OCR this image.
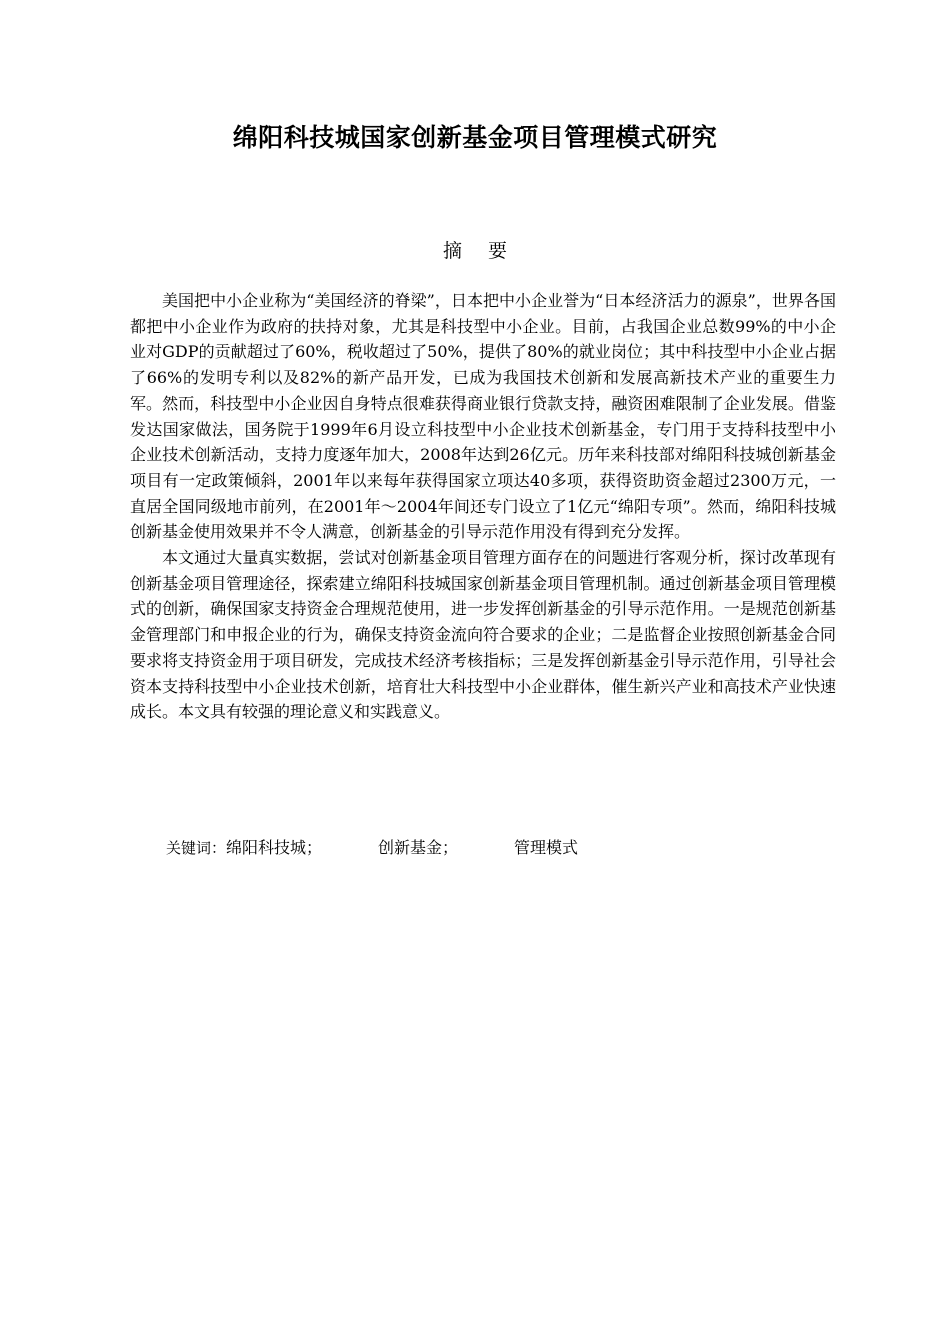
绵阳科技城国家创新基金项目管理模式研究
摘 要

美国把中小企业称为“美国经济的脊梁”，日本把中小企业誉为“日本经济活力的源泉”，世界各国都把中小企业作为政府的扶持对象，尤其是科技型中小企业。目前，占我国企业总数99%的中小企业对GDP的贡献超过了60%，税收超过了50%，提供了80%的就业岗位；其中科技型中小企业占据了66%的发明专利以及82%的新产品开发，已成为我国技术创新和发展高新技术产业的重要生力军。然而，科技型中小企业因自身特点很难获得商业银行贷款支持，融资困难限制了企业发展。借鉴发达国家做法，国务院于1999年6月设立科技型中小企业技术创新基金，专门用于支持科技型中小企业技术创新活动，支持力度逐年加大，2008年达到26亿元。历年来科技部对绵阳科技城创新基金项目有一定政策倾斜，2001年以来每年获得国家立项达40多项，获得资助资金超过2300万元，一直居全国同级地市前列，在2001年～2004年间还专门设立了1亿元“绵阳专项”。然而，绵阳科技城创新基金使用效果并不令人满意，创新基金的引导示范作用没有得到充分发挥。

本文通过大量真实数据，尝试对创新基金项目管理方面存在的问题进行客观分析，探讨改革现有创新基金项目管理途径，探索建立绵阳科技城国家创新基金项目管理机制。通过创新基金项目管理模式的创新，确保国家支持资金合理规范使用，进一步发挥创新基金的引导示范作用。一是规范创新基金管理部门和申报企业的行为，确保支持资金流向符合要求的企业；二是监督企业按照创新基金合同要求将支持资金用于项目研发，完成技术经济考核指标；三是发挥创新基金引导示范作用，引导社会资本支持科技型中小企业技术创新，培育壮大科技型中小企业群体，催生新兴产业和高技术产业快速成长。本文具有较强的理论意义和实践意义。

关键词：绵阳科技城；	创新基金；	管理模式
